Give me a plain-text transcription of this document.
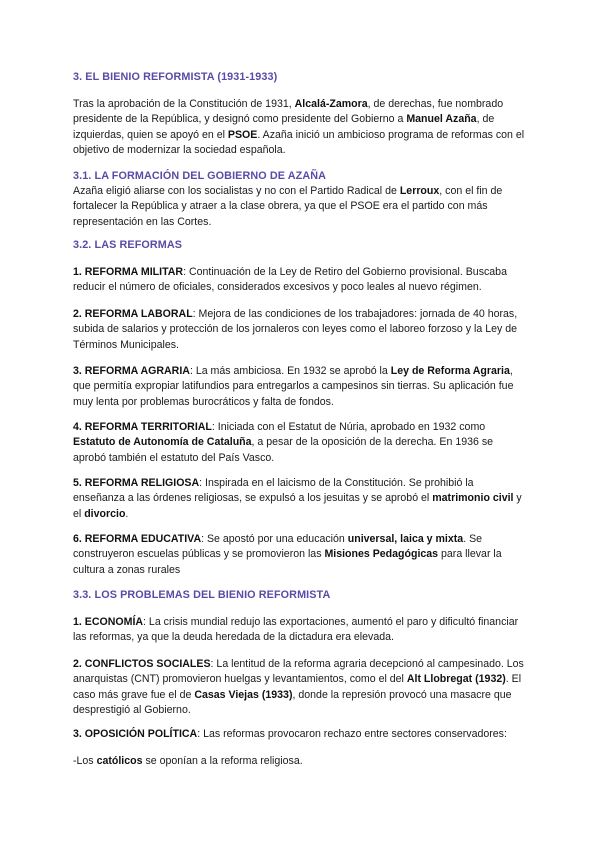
3. EL BIENIO REFORMISTA (1931-1933)

Tras la aprobación de la Constitución de 1931, Alcalá-Zamora, de derechas, fue nombrado presidente de la República, y designó como presidente del Gobierno a Manuel Azaña, de izquierdas, quien se apoyó en el PSOE. Azaña inició un ambicioso programa de reformas con el objetivo de modernizar la sociedad española.

3.1. LA FORMACIÓN DEL GOBIERNO DE AZAÑA

Azaña eligió aliarse con los socialistas y no con el Partido Radical de Lerroux, con el fin de fortalecer la República y atraer a la clase obrera, ya que el PSOE era el partido con más representación en las Cortes.

3.2. LAS REFORMAS

1. REFORMA MILITAR: Continuación de la Ley de Retiro del Gobierno provisional. Buscaba reducir el número de oficiales, considerados excesivos y poco leales al nuevo régimen.

2. REFORMA LABORAL: Mejora de las condiciones de los trabajadores: jornada de 40 horas, subida de salarios y protección de los jornaleros con leyes como el laboreo forzoso y la Ley de Términos Municipales.

3. REFORMA AGRARIA: La más ambiciosa. En 1932 se aprobó la Ley de Reforma Agraria, que permitía expropiar latifundios para entregarlos a campesinos sin tierras. Su aplicación fue muy lenta por problemas burocráticos y falta de fondos.

4. REFORMA TERRITORIAL: Iniciada con el Estatut de Núria, aprobado en 1932 como Estatuto de Autonomía de Cataluña, a pesar de la oposición de la derecha. En 1936 se aprobó también el estatuto del País Vasco.

5. REFORMA RELIGIOSA: Inspirada en el laicismo de la Constitución. Se prohibió la enseñanza a las órdenes religiosas, se expulsó a los jesuitas y se aprobó el matrimonio civil y el divorcio.

6. REFORMA EDUCATIVA: Se apostó por una educación universal, laica y mixta. Se construyeron escuelas públicas y se promovieron las Misiones Pedagógicas para llevar la cultura a zonas rurales

3.3. LOS PROBLEMAS DEL BIENIO REFORMISTA

1. ECONOMÍA: La crisis mundial redujo las exportaciones, aumentó el paro y dificultó financiar las reformas, ya que la deuda heredada de la dictadura era elevada.

2. CONFLICTOS SOCIALES: La lentitud de la reforma agraria decepcionó al campesinado. Los anarquistas (CNT) promovieron huelgas y levantamientos, como el del Alt Llobregat (1932). El caso más grave fue el de Casas Viejas (1933), donde la represión provocó una masacre que desprestigió al Gobierno.

3. OPOSICIÓN POLÍTICA: Las reformas provocaron rechazo entre sectores conservadores:

-Los católicos se oponían a la reforma religiosa.
